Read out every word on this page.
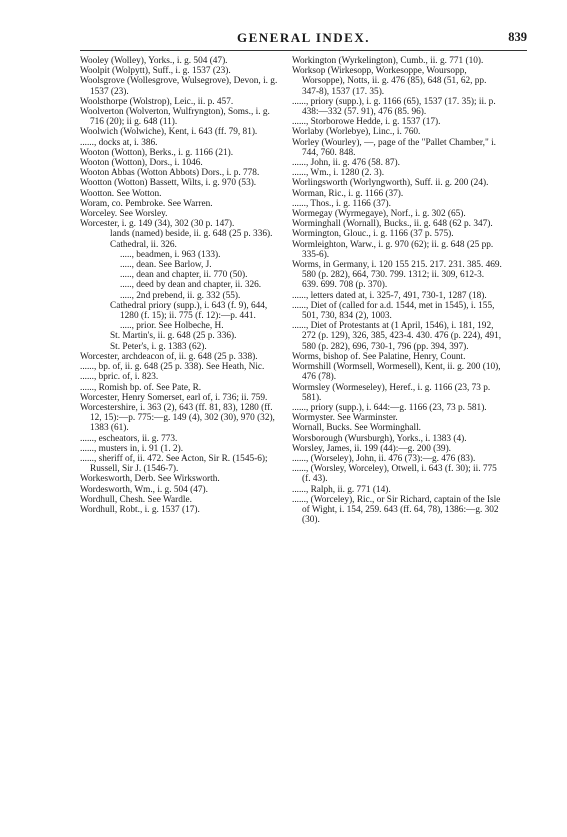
GENERAL INDEX.	839

Wooley (Wolley), Yorks., i. g. 504 (47).

Woolpit (Wolpytt), Suff., i. g. 1537 (23).

Woolsgrove (Wollesgrove, Wulsegrove), Devon, i. g. 1537 (23).

Woolsthorpe (Wolstrop), Leic., ii. p. 457.

Woolverton (Wolverton, Wulfryngton), Soms., i. g. 716 (20); ii g. 648 (11).

Woolwich (Wolwiche), Kent, i. 643 (ff. 79, 81).

......, docks at, i. 386.

Wooton (Wotton), Berks., i. g. 1166 (21).

Wooton (Wotton), Dors., i. 1046.

Wooton Abbas (Wotton Abbots) Dors., i. p. 778.

Wootton (Wotton) Bassett, Wilts, i. g. 970 (53).

Wootton. See Wotton.

Woram, co. Pembroke. See Warren.

Worceley. See Worsley.

Worcester, i. g. 149 (34), 302 (30 p. 147).

lands (named) beside, ii. g. 648 (25 p. 336).

Cathedral, ii. 326.

....., beadmen, i. 963 (133).

....., dean. See Barlow, J.

....., dean and chapter, ii. 770 (50).

....., deed by dean and chapter, ii. 326.

....., 2nd prebend, ii. g. 332 (55).

Cathedral priory (supp.), i. 643 (f. 9), 644, 1280 (f. 15); ii. 775 (f. 12):—p. 441.

....., prior. See Holbeche, H.

St. Martin's, ii. g. 648 (25 p. 336).

St. Peter's, i. g. 1383 (62).

Worcester, archdeacon of, ii. g. 648 (25 p. 338).

......, bp. of, ii. g. 648 (25 p. 338). See Heath, Nic.

......, bpric. of, i. 823.

......, Romish bp. of. See Pate, R.

Worcester, Henry Somerset, earl of, i. 736; ii. 759.

Worcestershire, i. 363 (2), 643 (ff. 81, 83), 1280 (ff. 12, 15):—p. 775:—g. 149 (4), 302 (30), 970 (32), 1383 (61).

......, escheators, ii. g. 773.

......, musters in, i. 91 (1. 2).

......, sheriff of, ii. 472. See Acton, Sir R. (1545-6); Russell, Sir J. (1546-7).

Workesworth, Derb. See Wirksworth.

Wordesworth, Wm., i. g. 504 (47).

Wordhull, Chesh. See Wardle.

Wordhull, Robt., i. g. 1537 (17).

Workington (Wyrkelington), Cumb., ii. g. 771 (10).

Worksop (Wirkesopp, Workesoppe, Woursopp, Worsoppe), Notts, ii. g. 476 (85), 648 (51, 62, pp. 347-8), 1537 (17. 35).

......, priory (supp.), i. g. 1166 (65), 1537 (17. 35); ii. p. 438:—332 (57. 91), 476 (85. 96).

......, Storborowe Hedde, i. g. 1537 (17).

Worlaby (Worlebye), Linc., i. 760.

Worley (Wourley), —, page of the "Pallet Chamber," i. 744, 760. 848.

......, John, ii. g. 476 (58. 87).

......, Wm., i. 1280 (2. 3).

Worlingsworth (Worlyngworth), Suff. ii. g. 200 (24).

Worman, Ric., i. g. 1166 (37).

......, Thos., i. g. 1166 (37).

Wormegay (Wyrmegaye), Norf., i. g. 302 (65).

Worminghall (Wornall), Bucks., ii. g. 648 (62 p. 347).

Wormington, Glouc., i. g. 1166 (37 p. 575).

Wormleighton, Warw., i. g. 970 (62); ii. g. 648 (25 pp. 335-6).

Worms, in Germany, i. 120 155 215. 217. 231. 385. 469. 580 (p. 282), 664, 730. 799. 1312; ii. 309, 612-3. 639. 699. 708 (p. 370).

......, letters dated at, i. 325-7, 491, 730-1, 1287 (18).

......, Diet of (called for a.d. 1544, met in 1545), i. 155, 501, 730, 834 (2), 1003.

......, Diet of Protestants at (1 April, 1546), i. 181, 192, 272 (p. 129), 326, 385, 423-4. 430. 476 (p. 224), 491, 580 (p. 282), 696, 730-1, 796 (pp. 394, 397).

Worms, bishop of. See Palatine, Henry, Count.

Wormshill (Wormsell, Wormesell), Kent, ii. g. 200 (10), 476 (78).

Wormsley (Wormeseley), Heref., i. g. 1166 (23, 73 p. 581).

......, priory (supp.), i. 644:—g. 1166 (23, 73 p. 581).

Wormyster. See Warminster.

Wornall, Bucks. See Worminghall.

Worsborough (Wursburgh), Yorks., i. 1383 (4).

Worsley, James, ii. 199 (44):—g. 200 (39).

......, (Worseley), John, ii. 476 (73):—g. 476 (83).

......, (Worsley, Worceley), Otwell, i. 643 (f. 30); ii. 775 (f. 43).

......, Ralph, ii. g. 771 (14).

......, (Worceley), Ric., or Sir Richard, captain of the Isle of Wight, i. 154, 259. 643 (ff. 64, 78), 1386:—g. 302 (30).
